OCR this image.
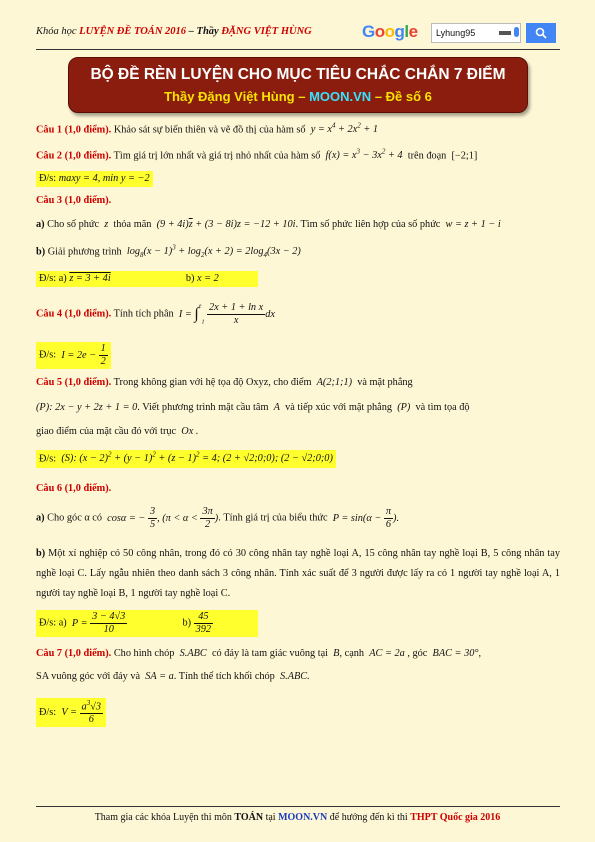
Khóa học LUYỆN ĐỀ TOÁN 2016 – Thầy ĐẶNG VIỆT HÙNG	Google	Lyhung95
BỘ ĐỀ RÈN LUYỆN CHO MỤC TIÊU CHẮC CHẮN 7 ĐIỂM
Thầy Đặng Việt Hùng – MOON.VN – Đề số 6
Câu 1 (1,0 điểm). Khảo sát sự biến thiên và vẽ đồ thị của hàm số  $y = x^4 + 2x^2 + 1$
Câu 2 (1,0 điểm). Tìm giá trị lớn nhất và giá trị nhỏ nhất của hàm số  $f(x) = x^3 - 3x^2 + 4$  trên đoạn  [−2;1]
Đ/s: maxy = 4, min y = −2
Câu 3 (1,0 điểm).
a) Cho số phức  z  thỏa mãn  $(9 + 4i)\overline{z} + (3 - 8i)z = -12 + 10i$. Tìm số phức liên hợp của số phức  w = z + 1 − i
b) Giải phương trình  $\log_8(x - 1)^3 + \log_2(x + 2) = 2\log_4(3x - 2)$
Đ/s: a) z = 3 + 4i	b) x = 2
Câu 4 (1,0 điểm). Tính tích phân  $I = \int^e1 \frac{\text{2x + 1 + ln x}}{x}$ dx
Đ/s:  $I = 2e - \frac{1}{2}$
Câu 5 (1,0 điểm). Trong không gian với hệ tọa độ Oxyz, cho điểm  A(2;1;1)  và mặt phẳng
(P): 2x − y + 2z + 1 = 0. Viết phương trình mặt cầu tâm  A  và tiếp xúc với mặt phẳng  (P)  và tìm tọa độ
giao điểm của mặt cầu đó với trục  Ox .
Đ/s:  (S): $(x - 2)^2 + (y - 1)^2 + (z - 1)^2 = 4$; (2 + √2;0;0); (2 − √2;0;0)
Câu 6 (1,0 điểm).
a) Cho góc α có  cosα = − $\frac{3}{5}$ , ($\pi < \alpha < \frac{3\pi}{2}$ ). Tính giá trị của biểu thức  $P = \sin(\alpha - \frac{\pi}{6}$ ).
b) Một xí nghiệp có 50 công nhân, trong đó có 30 công nhân tay nghề loại A, 15 công nhân tay nghề loại B, 5 công nhân tay nghề loại C. Lấy ngẫu nhiên theo danh sách 3 công nhân. Tính xác suất để 3 người được lấy ra có 1 người tay nghề loại A, 1 người tay nghề loại B, 1 người tay nghề loại C.
Đ/s: a)  $P = \frac{3 - 4√3}{10}$	$b) \frac{45}{392}$
Câu 7 (1,0 điểm). Cho hình chóp  S.ABC  có đáy là tam giác vuông tại  B, cạnh  AC = 2a , góc  BAC = 30°,
SA vuông góc với đáy và  SA = a. Tính thể tích khối chóp  S.ABC.
Đ/s:  $V = \frac{a^3√3}{6}$
Tham gia các khóa Luyện thi môn TOÁN tại MOON.VN để hướng đến kì thi THPT Quốc gia 2016
